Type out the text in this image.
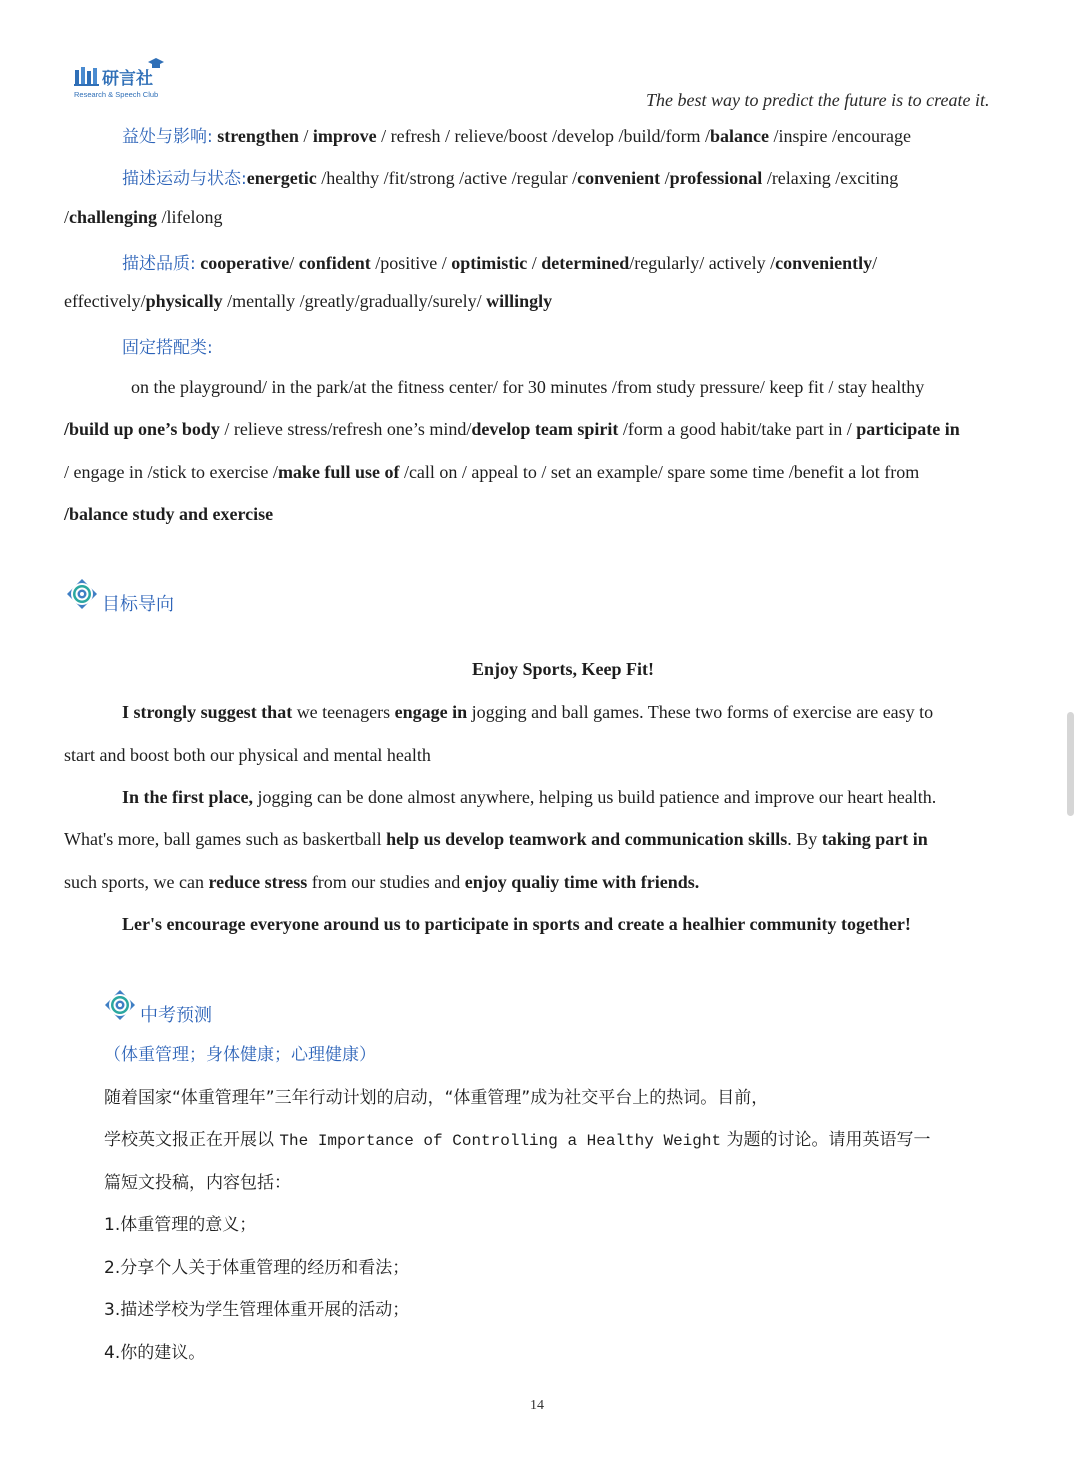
研言社
Research & Speech Club	The best way to predict the future is to create it.
益处与影响: strengthen / improve / refresh / relieve/boost /develop /build/form /balance /inspire /encourage
描述运动与状态:energetic /healthy /fit/strong /active /regular /convenient /professional /relaxing /exciting
/challenging /lifelong
描述品质: cooperative/ confident /positive / optimistic / determined/regularly/ actively /conveniently/
effectively/physically /mentally /greatly/gradually/surely/ willingly
固定搭配类:
on the playground/ in the park/at the fitness center/ for 30 minutes /from study pressure/ keep fit / stay healthy
/build up one’s body / relieve stress/refresh one’s mind/develop team spirit /form a good habit/take part in / participate in
/ engage in /stick to exercise /make full use of /call on / appeal to / set an example/ spare some time /benefit a lot from
/balance study and exercise
目标导向
Enjoy Sports, Keep Fit!
I strongly suggest that we teenagers engage in jogging and ball games. These two forms of exercise are easy to
start and boost both our physical and mental health
In the first place, jogging can be done almost anywhere, helping us build patience and improve our heart health.
What's more, ball games such as baskertball help us develop teamwork and communication skills. By taking part in
such sports, we can reduce stress from our studies and enjoy qualiy time with friends.
Ler's encourage everyone around us to participate in sports and create a healhier community together!
中考预测
（体重管理；身体健康；心理健康）
随着国家“体重管理年”三年行动计划的启动，“体重管理”成为社交平台上的热词。目前，
学校英文报正在开展以 The Importance of Controlling a Healthy Weight 为题的讨论。请用英语写一
篇短文投稿，内容包括：
1.体重管理的意义；
2.分享个人关于体重管理的经历和看法；
3.描述学校为学生管理体重开展的活动；
4.你的建议。
14
